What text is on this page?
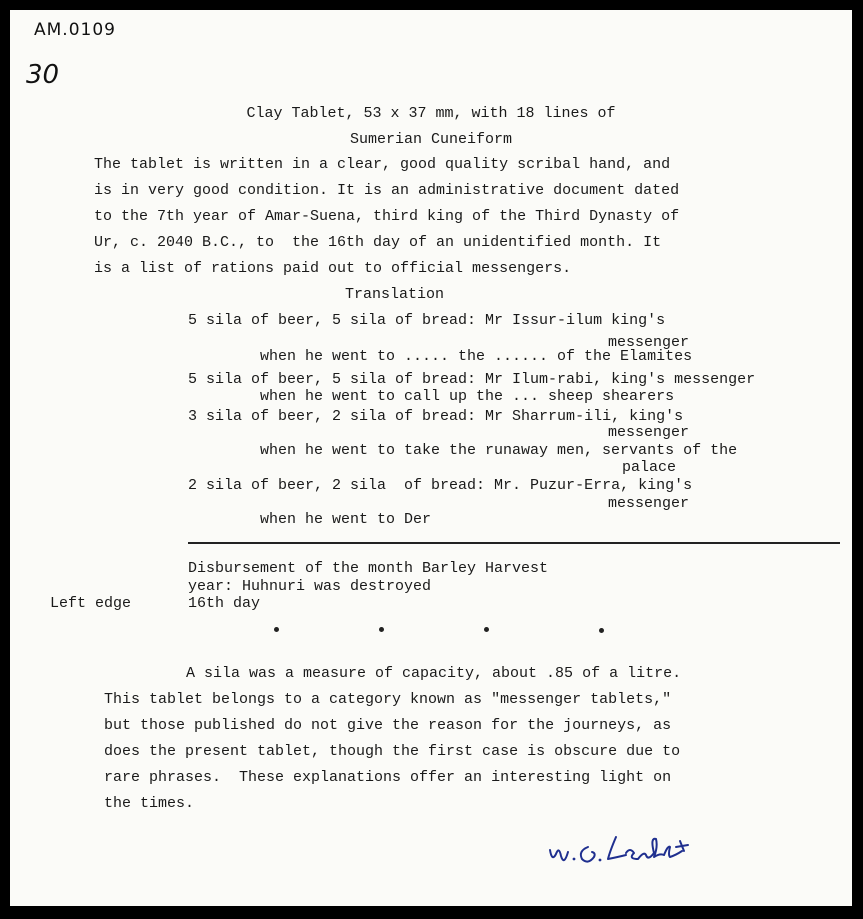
AM.0109
30
Clay Tablet, 53 x 37 mm, with 18 lines of
Sumerian Cuneiform
The tablet is written in a clear, good quality scribal hand, and
is in very good condition. It is an administrative document dated
to the 7th year of Amar-Suena, third king of the Third Dynasty of
Ur, c. 2040 B.C., to  the 16th day of an unidentified month. It
is a list of rations paid out to official messengers.
Translation
5 sila of beer, 5 sila of bread: Mr Issur-ilum king's
messenger
when he went to ..... the ...... of the Elamites
5 sila of beer, 5 sila of bread: Mr Ilum-rabi, king's messenger
when he went to call up the ... sheep shearers
3 sila of beer, 2 sila of bread: Mr Sharrum-ili, king's
messenger
when he went to take the runaway men, servants of the
palace
2 sila of beer, 2 sila  of bread: Mr. Puzur-Erra, king's
messenger
when he went to Der
Disbursement of the month Barley Harvest
year: Huhnuri was destroyed
Left edge	16th day
A sila was a measure of capacity, about .85 of a litre.
This tablet belongs to a category known as "messenger tablets,"
but those published do not give the reason for the journeys, as
does the present tablet, though the first case is obscure due to
rare phrases.  These explanations offer an interesting light on
the times.
